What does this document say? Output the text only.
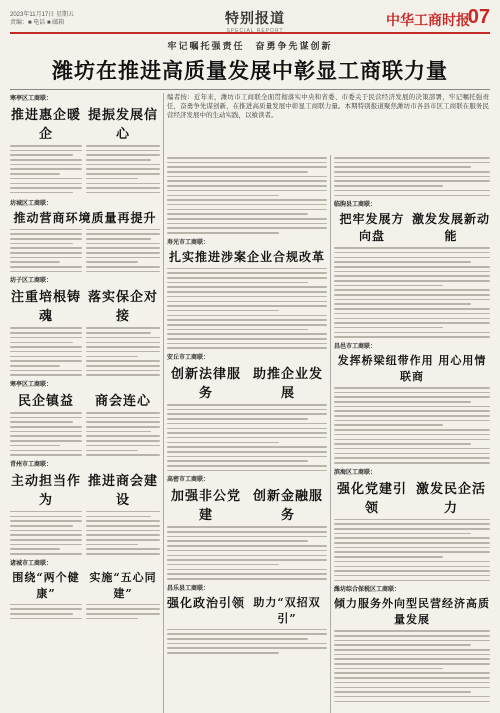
2023年11月17日 星期五
责编：■ 电话 ■ 邮箱	特别报道
SPECIAL REPORT
中华工商时报
07
牢记嘱托强责任　奋勇争先谋创新
潍坊在推进高质量发展中彰显工商联力量
编者按：近年来，潍坊市工商联全面贯彻落实中央和省委、市委关于民营经济发展的决策部署，牢记嘱托强责任，奋勇争先谋创新，在推进高质量发展中彰显工商联力量。本期特别报道聚焦潍坊市各县市区工商联在服务民营经济发展中的生动实践，以飨读者。
寒亭区工商联：
推进惠企暖企
提振发展信心
坊城区工商联：
推动营商环境质量再提升
坊子区工商联：
注重培根铸魂
落实保企对接
寒亭区工商联：
民企镇益	商会连心
青州市工商联：
主动担当作为
推进商会建设
诸城市工商联：
围绕“两个健康”
实施“五心同建”
寿光市工商联：
扎实推进涉案企业合规改革
安丘市工商联：
创新法律服务
助推企业发展
高密市工商联：
加强非公党建
创新金融服务
昌乐县工商联：
强化政治引领 助力“双招双引”
临朐县工商联：
把牢发展方向盘
激发发展新动能
昌邑市工商联：
发挥桥梁纽带作用 用心用情联商
滨海区工商联：
强化党建引领
激发民企活力
潍坊综合保税区工商联：
倾力服务外向型民营经济高质量发展
